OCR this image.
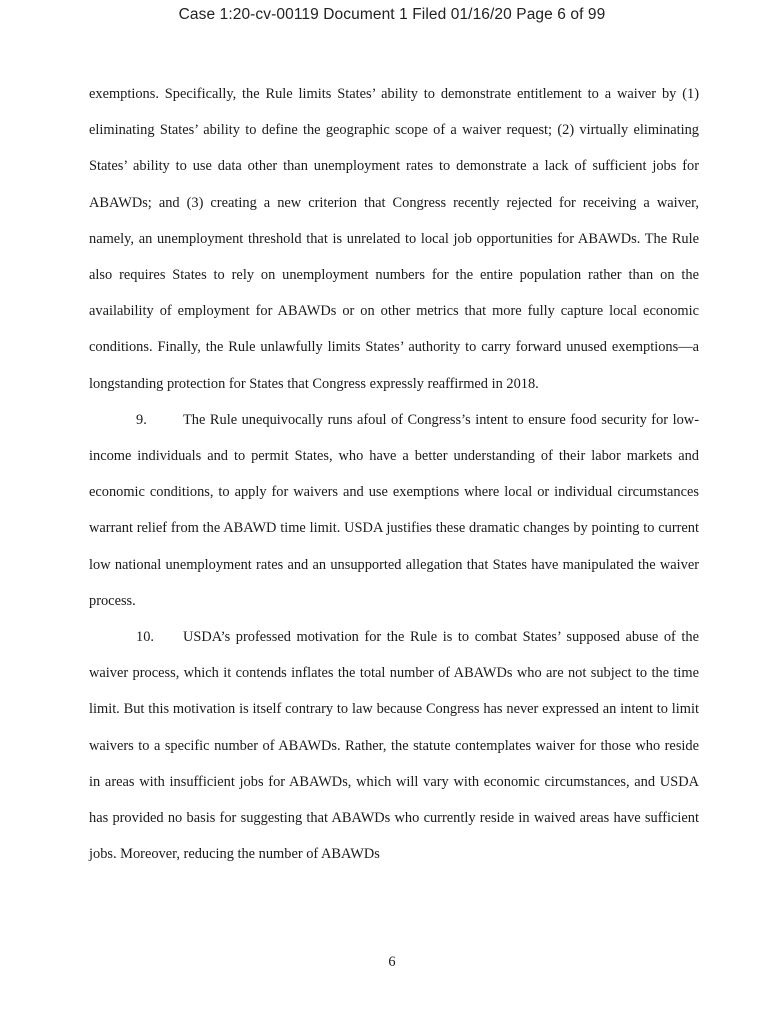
Case 1:20-cv-00119 Document 1 Filed 01/16/20 Page 6 of 99

exemptions. Specifically, the Rule limits States’ ability to demonstrate entitlement to a waiver by (1) eliminating States’ ability to define the geographic scope of a waiver request; (2) virtually eliminating States’ ability to use data other than unemployment rates to demonstrate a lack of sufficient jobs for ABAWDs; and (3) creating a new criterion that Congress recently rejected for receiving a waiver, namely, an unemployment threshold that is unrelated to local job opportunities for ABAWDs. The Rule also requires States to rely on unemployment numbers for the entire population rather than on the availability of employment for ABAWDs or on other metrics that more fully capture local economic conditions. Finally, the Rule unlawfully limits States’ authority to carry forward unused exemptions—a longstanding protection for States that Congress expressly reaffirmed in 2018.

9.	The Rule unequivocally runs afoul of Congress’s intent to ensure food security for low-income individuals and to permit States, who have a better understanding of their labor markets and economic conditions, to apply for waivers and use exemptions where local or individual circumstances warrant relief from the ABAWD time limit. USDA justifies these dramatic changes by pointing to current low national unemployment rates and an unsupported allegation that States have manipulated the waiver process.

10. USDA’s professed motivation for the Rule is to combat States’ supposed abuse of the waiver process, which it contends inflates the total number of ABAWDs who are not subject to the time limit. But this motivation is itself contrary to law because Congress has never expressed an intent to limit waivers to a specific number of ABAWDs. Rather, the statute contemplates waiver for those who reside in areas with insufficient jobs for ABAWDs, which will vary with economic circumstances, and USDA has provided no basis for suggesting that ABAWDs who currently reside in waived areas have sufficient jobs. Moreover, reducing the number of ABAWDs

6
